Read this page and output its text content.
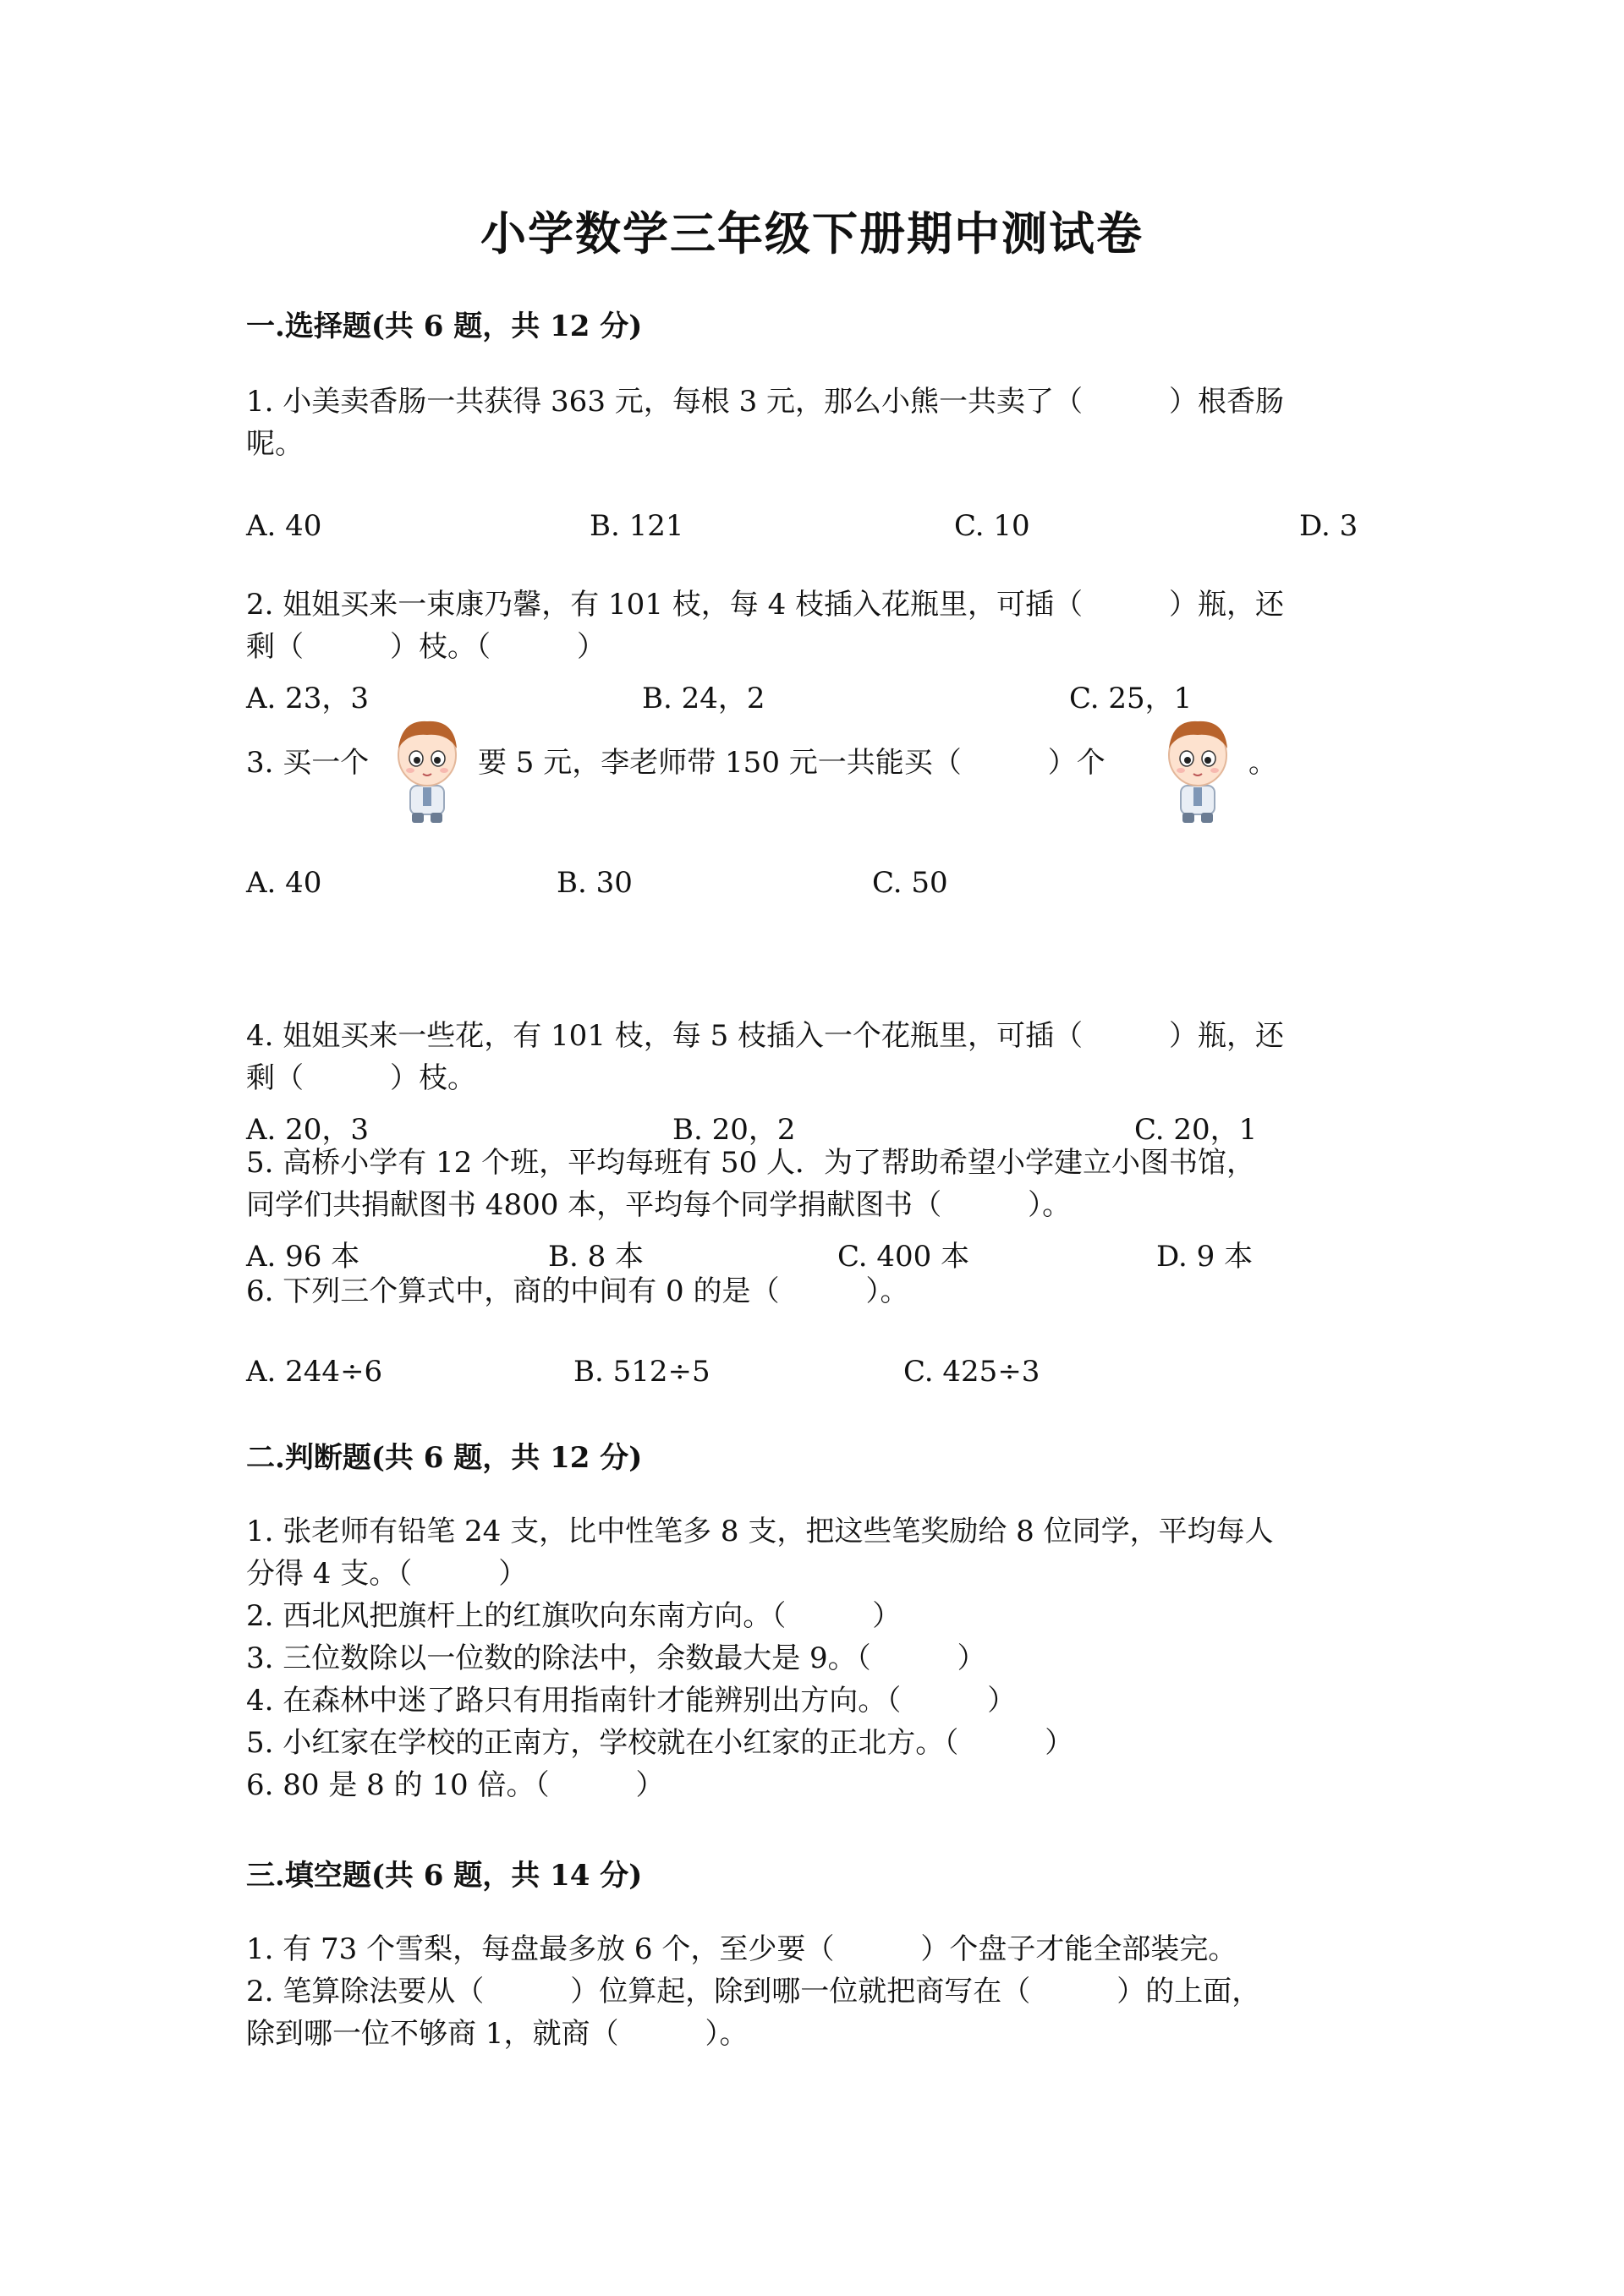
小学数学三年级下册期中测试卷
一.选择题(共 6 题，共 12 分)
1. 小美卖香肠一共获得 363 元，每根 3 元，那么小熊一共卖了（　　　）根香肠
呢。
A. 40	B. 121	C. 10	D. 3
2. 姐姐买来一束康乃馨，有 101 枝，每 4 枝插入花瓶里，可插（　　　）瓶，还
剩（　　　）枝。（　　　）
A. 23，3	B. 24，2	C. 25，1
3. 买一个	要 5 元，李老师带 150 元一共能买（　　　）个	。
A. 40	B. 30	C. 50
4. 姐姐买来一些花，有 101 枝，每 5 枝插入一个花瓶里，可插（　　　）瓶，还
剩（　　　）枝。
A. 20，3	B. 20，2	C. 20，1
5. 高桥小学有 12 个班，平均每班有 50 人．为了帮助希望小学建立小图书馆，
同学们共捐献图书 4800 本，平均每个同学捐献图书（　　　）。
A. 96 本	B. 8 本	C. 400 本	D. 9 本
6. 下列三个算式中，商的中间有 0 的是（　　　）。
A. 244÷6	B. 512÷5	C. 425÷3
二.判断题(共 6 题，共 12 分)
1. 张老师有铅笔 24 支，比中性笔多 8 支，把这些笔奖励给 8 位同学，平均每人
分得 4 支。（　　　）
2. 西北风把旗杆上的红旗吹向东南方向。（　　　）
3. 三位数除以一位数的除法中，余数最大是 9。（　　　）
4. 在森林中迷了路只有用指南针才能辨别出方向。（　　　）
5. 小红家在学校的正南方，学校就在小红家的正北方。（　　　）
6. 80 是 8 的 10 倍。（　　　）
三.填空题(共 6 题，共 14 分)
1. 有 73 个雪梨，每盘最多放 6 个，至少要（　　　）个盘子才能全部装完。
2. 笔算除法要从（　　　）位算起，除到哪一位就把商写在（　　　）的上面，
除到哪一位不够商 1，就商（　　　）。
